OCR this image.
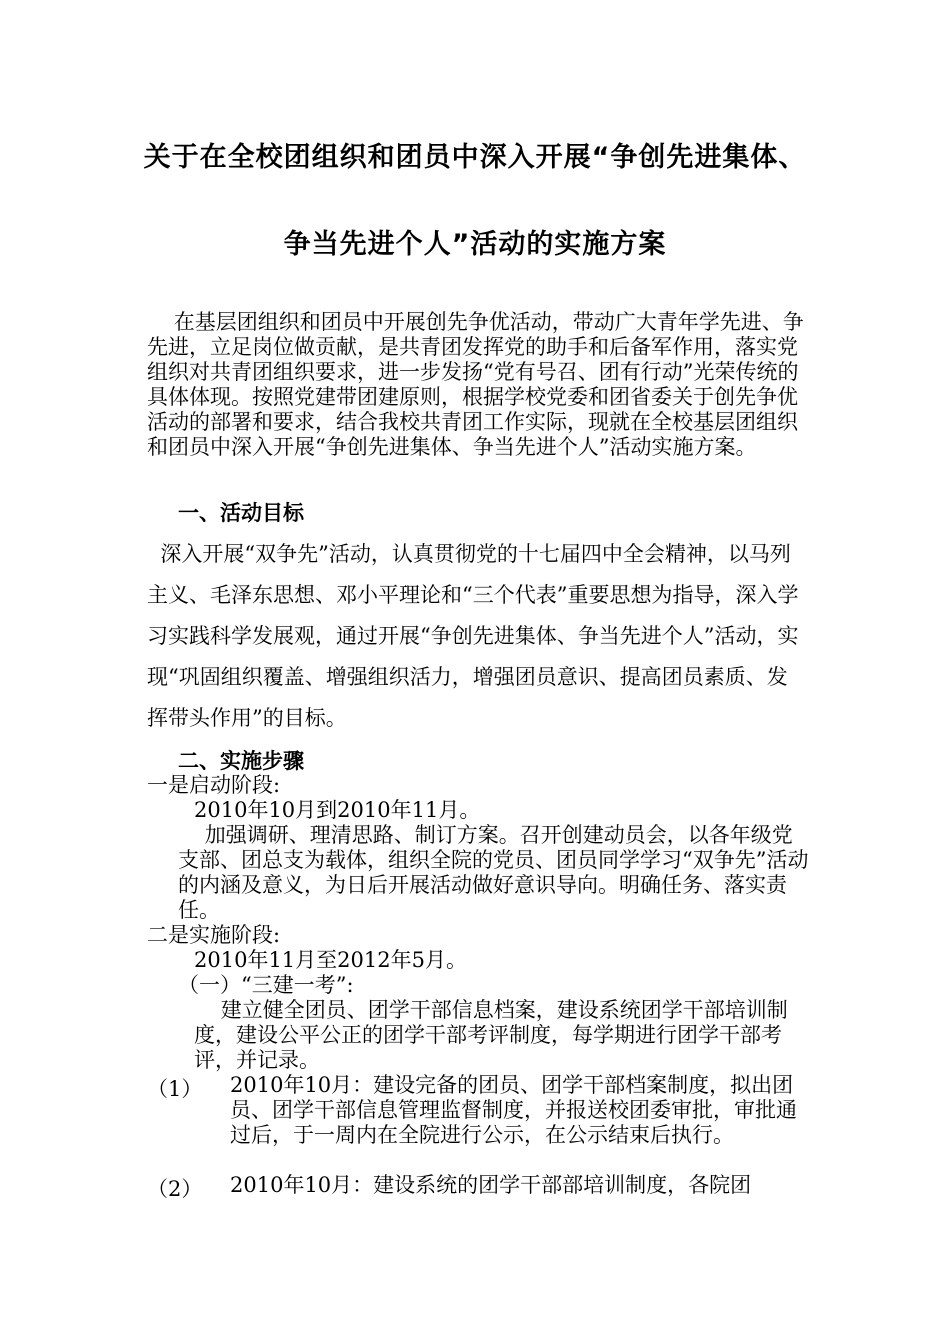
关于在全校团组织和团员中深入开展“争创先进集体、
争当先进个人”活动的实施方案
在基层团组织和团员中开展创先争优活动，带动广大青年学先进、争先进，立足岗位做贡献，是共青团发挥党的助手和后备军作用，落实党组织对共青团组织要求，进一步发扬“党有号召、团有行动”光荣传统的具体体现。按照党建带团建原则，根据学校党委和团省委关于创先争优活动的部署和要求，结合我校共青团工作实际，现就在全校基层团组织和团员中深入开展“争创先进集体、争当先进个人”活动实施方案。
一、活动目标
深入开展“双争先”活动，认真贯彻党的十七届四中全会精神，以马列主义、毛泽东思想、邓小平理论和“三个代表”重要思想为指导，深入学习实践科学发展观，通过开展“争创先进集体、争当先进个人”活动，实现“巩固组织覆盖、增强组织活力，增强团员意识、提高团员素质、发挥带头作用”的目标。
二、实施步骤
一是启动阶段:
2010年10月到2010年11月。
加强调研、理清思路、制订方案。召开创建动员会，以各年级党支部、团总支为载体，组织全院的党员、团员同学学习“双争先”活动的内涵及意义，为日后开展活动做好意识导向。明确任务、落实责任。
二是实施阶段:
2010年11月至2012年5月。
（一）“三建一考”:
建立健全团员、团学干部信息档案，建设系统团学干部培训制度，建设公平公正的团学干部考评制度，每学期进行团学干部考评，并记录。
（1） 2010年10月：建设完备的团员、团学干部档案制度，拟出团员、团学干部信息管理监督制度，并报送校团委审批，审批通过后，于一周内在全院进行公示，在公示结束后执行。
（2） 2010年10月：建设系统的团学干部部培训制度，各院团
